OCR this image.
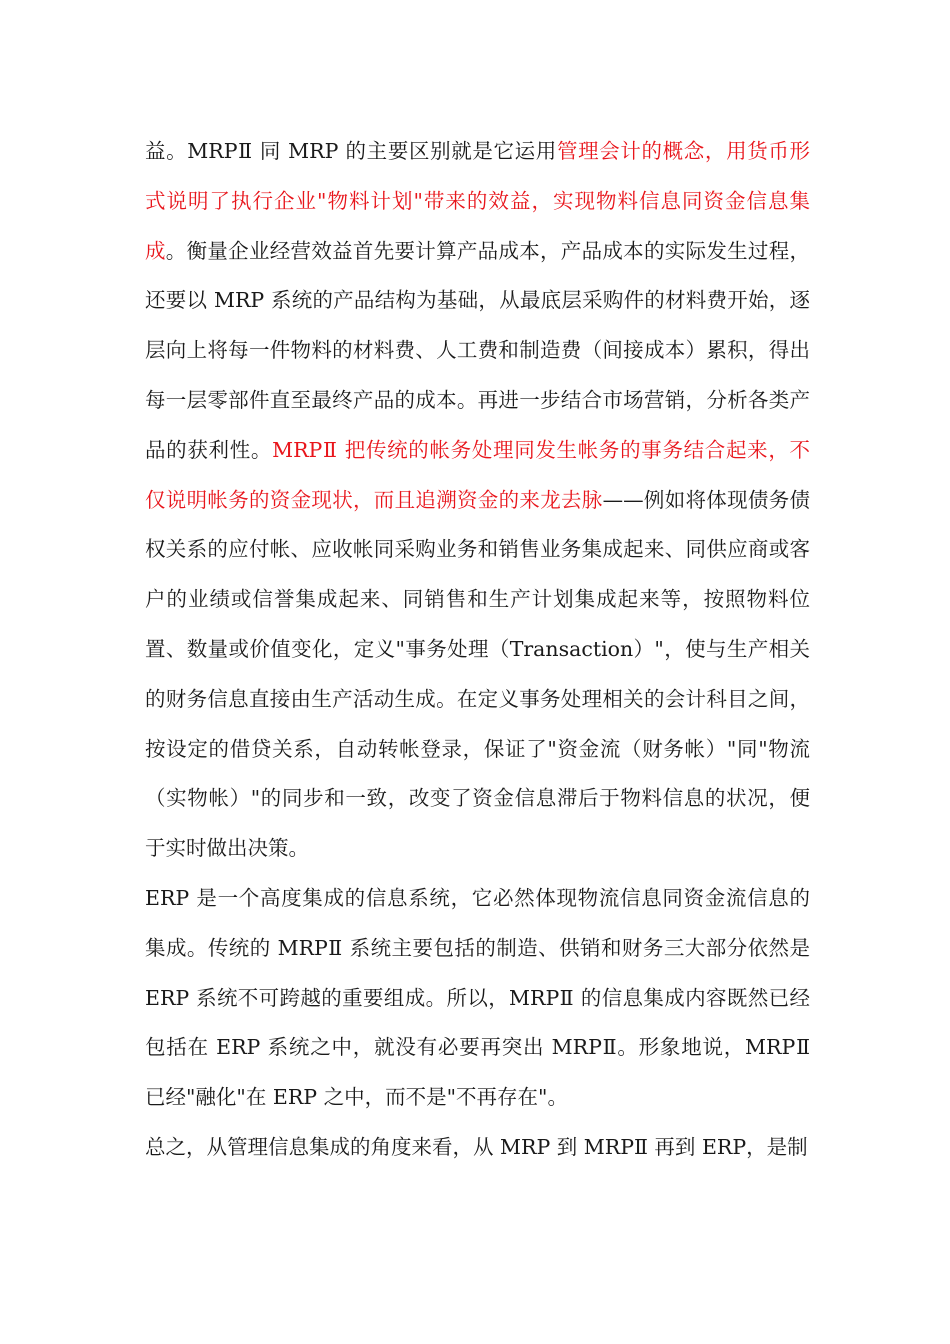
益。MRPⅡ 同 MRP 的主要区别就是它运用管理会计的概念，用货币形式说明了执行企业"物料计划"带来的效益，实现物料信息同资金信息集成。衡量企业经营效益首先要计算产品成本，产品成本的实际发生过程，还要以 MRP 系统的产品结构为基础，从最底层采购件的材料费开始，逐层向上将每一件物料的材料费、人工费和制造费（间接成本）累积，得出每一层零部件直至最终产品的成本。再进一步结合市场营销，分析各类产品的获利性。MRPⅡ 把传统的帐务处理同发生帐务的事务结合起来，不仅说明帐务的资金现状，而且追溯资金的来龙去脉——例如将体现债务债权关系的应付帐、应收帐同采购业务和销售业务集成起来、同供应商或客户的业绩或信誉集成起来、同销售和生产计划集成起来等，按照物料位置、数量或价值变化，定义"事务处理（Transaction）"，使与生产相关的财务信息直接由生产活动生成。在定义事务处理相关的会计科目之间，按设定的借贷关系，自动转帐登录，保证了"资金流（财务帐）"同"物流（实物帐）"的同步和一致，改变了资金信息滞后于物料信息的状况，便于实时做出决策。

ERP 是一个高度集成的信息系统，它必然体现物流信息同资金流信息的集成。传统的 MRPⅡ 系统主要包括的制造、供销和财务三大部分依然是 ERP 系统不可跨越的重要组成。所以，MRPⅡ 的信息集成内容既然已经包括在 ERP 系统之中，就没有必要再突出 MRPⅡ。形象地说，MRPⅡ 已经"融化"在 ERP 之中，而不是"不再存在"。

总之，从管理信息集成的角度来看，从 MRP 到 MRPⅡ 再到 ERP，是制
